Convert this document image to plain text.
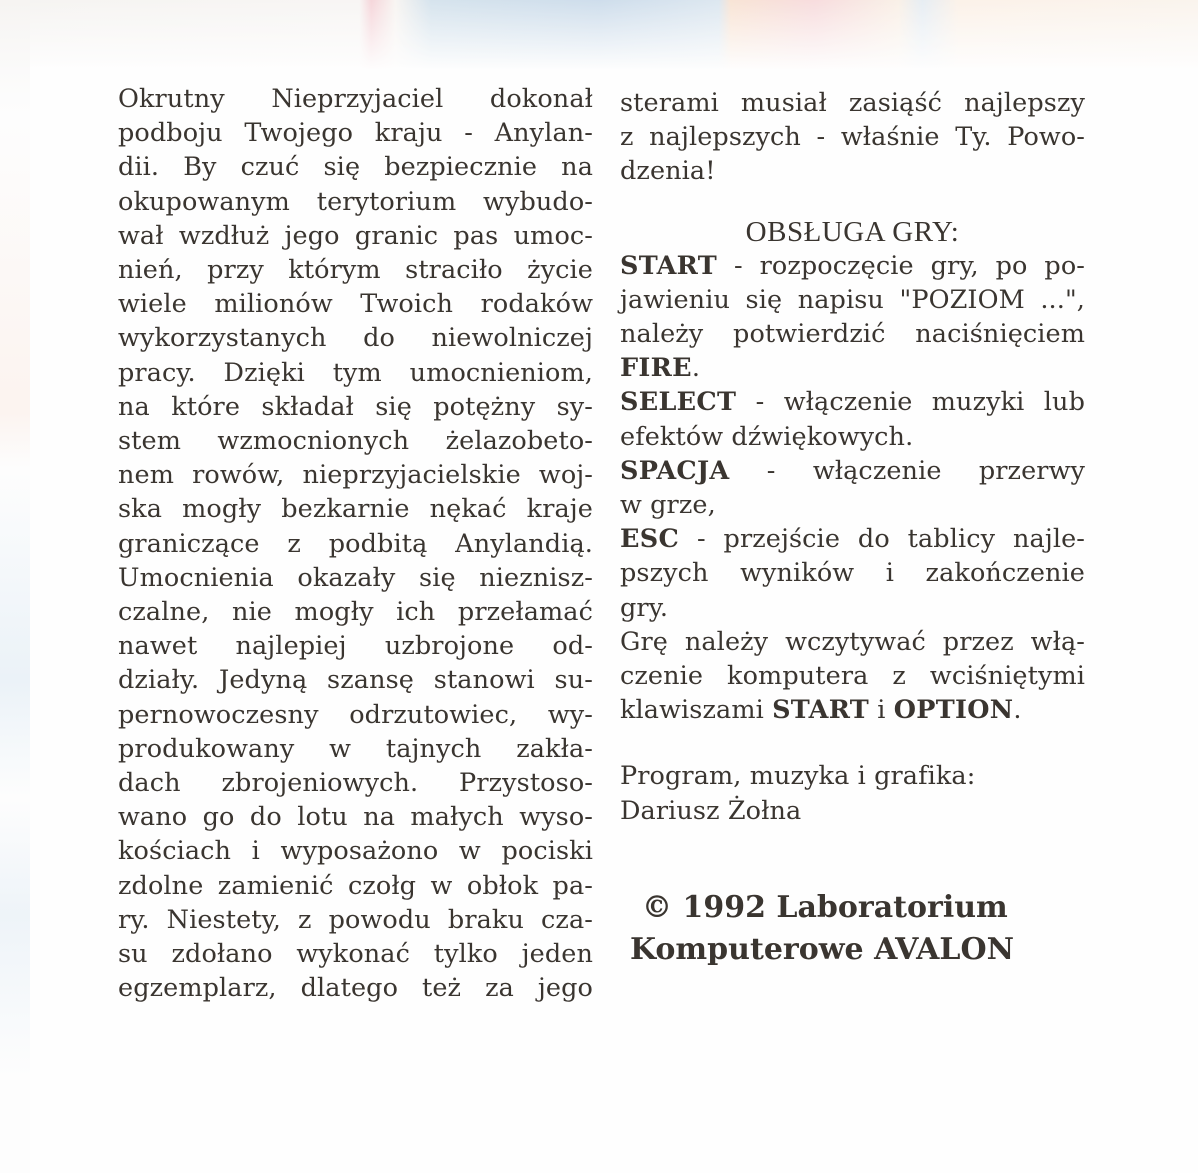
Okrutny Nieprzyjaciel dokonał
podboju Twojego kraju - Anylan-
dii. By czuć się bezpiecznie na
okupowanym terytorium wybudo-
wał wzdłuż jego granic pas umoc-
nień, przy którym straciło życie
wiele milionów Twoich rodaków
wykorzystanych do niewolniczej
pracy. Dzięki tym umocnieniom,
na które składał się potężny sy-
stem wzmocnionych żelazobeto-
nem rowów, nieprzyjacielskie woj-
ska mogły bezkarnie nękać kraje
graniczące z podbitą Anylandią.
Umocnienia okazały się nieznisz-
czalne, nie mogły ich przełamać
nawet najlepiej uzbrojone od-
działy. Jedyną szansę stanowi su-
pernowoczesny odrzutowiec, wy-
produkowany w tajnych zakła-
dach zbrojeniowych. Przystoso-
wano go do lotu na małych wyso-
kościach i wyposażono w pociski
zdolne zamienić czołg w obłok pa-
ry. Niestety, z powodu braku cza-
su zdołano wykonać tylko jeden
egzemplarz, dlatego też za jego
sterami musiał zasiąść najlepszy
z najlepszych - właśnie Ty. Powo-
dzenia!
OBSŁUGA GRY:
START - rozpoczęcie gry, po po-
jawieniu się napisu "POZIOM ...",
należy potwierdzić naciśnięciem
FIRE.
SELECT - włączenie muzyki lub
efektów dźwiękowych.
SPACJA - włączenie przerwy
w grze,
ESC - przejście do tablicy najle-
pszych wyników i zakończenie
gry.
Grę należy wczytywać przez włą-
czenie komputera z wciśniętymi
klawiszami START i OPTION.
Program, muzyka i grafika:
Dariusz Żołna
© 1992 Laboratorium
Komputerowe AVALON
